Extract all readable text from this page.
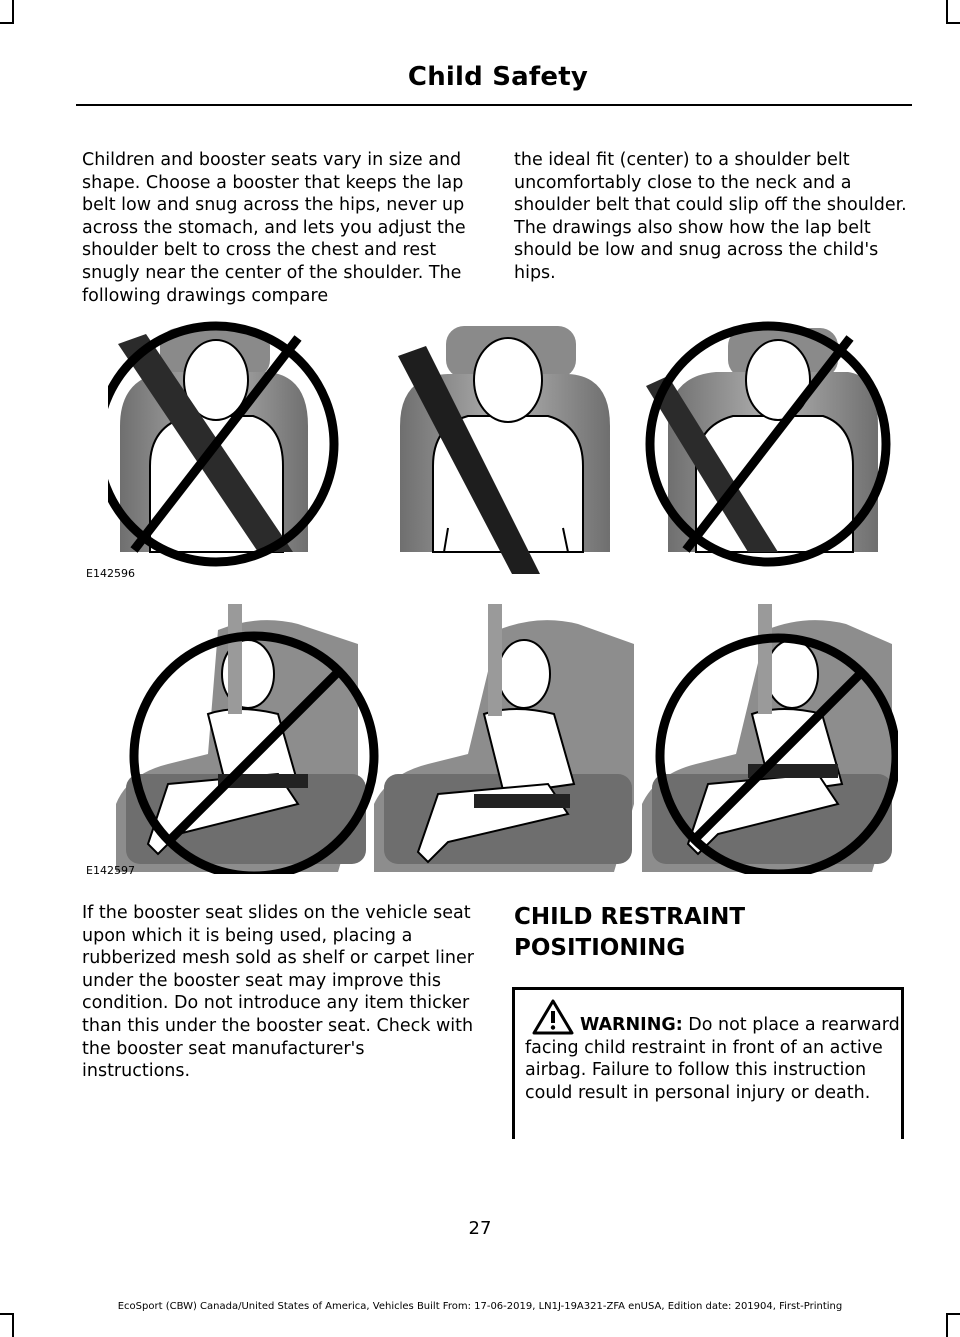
Child Safety
Children and booster seats vary in size and shape. Choose a booster that keeps the lap belt low and snug across the hips, never up across the stomach, and lets you adjust the shoulder belt to cross the chest and rest snugly near the center of the shoulder. The following drawings compare
the ideal fit (center) to a shoulder belt uncomfortably close to the neck and a shoulder belt that could slip off the shoulder. The drawings also show how the lap belt should be low and snug across the child's hips.
E142596
E142597
If the booster seat slides on the vehicle seat upon which it is being used, placing a rubberized mesh sold as shelf or carpet liner under the booster seat may improve this condition. Do not introduce any item thicker than this under the booster seat. Check with the booster seat manufacturer's instructions.
CHILD RESTRAINT
POSITIONING
WARNING: Do not place a rearward facing child restraint in front of an active airbag. Failure to follow this instruction could result in personal injury or death.
27
EcoSport (CBW) Canada/United States of America, Vehicles Built From: 17-06-2019, LN1J-19A321-ZFA enUSA, Edition date: 201904, First-Printing
